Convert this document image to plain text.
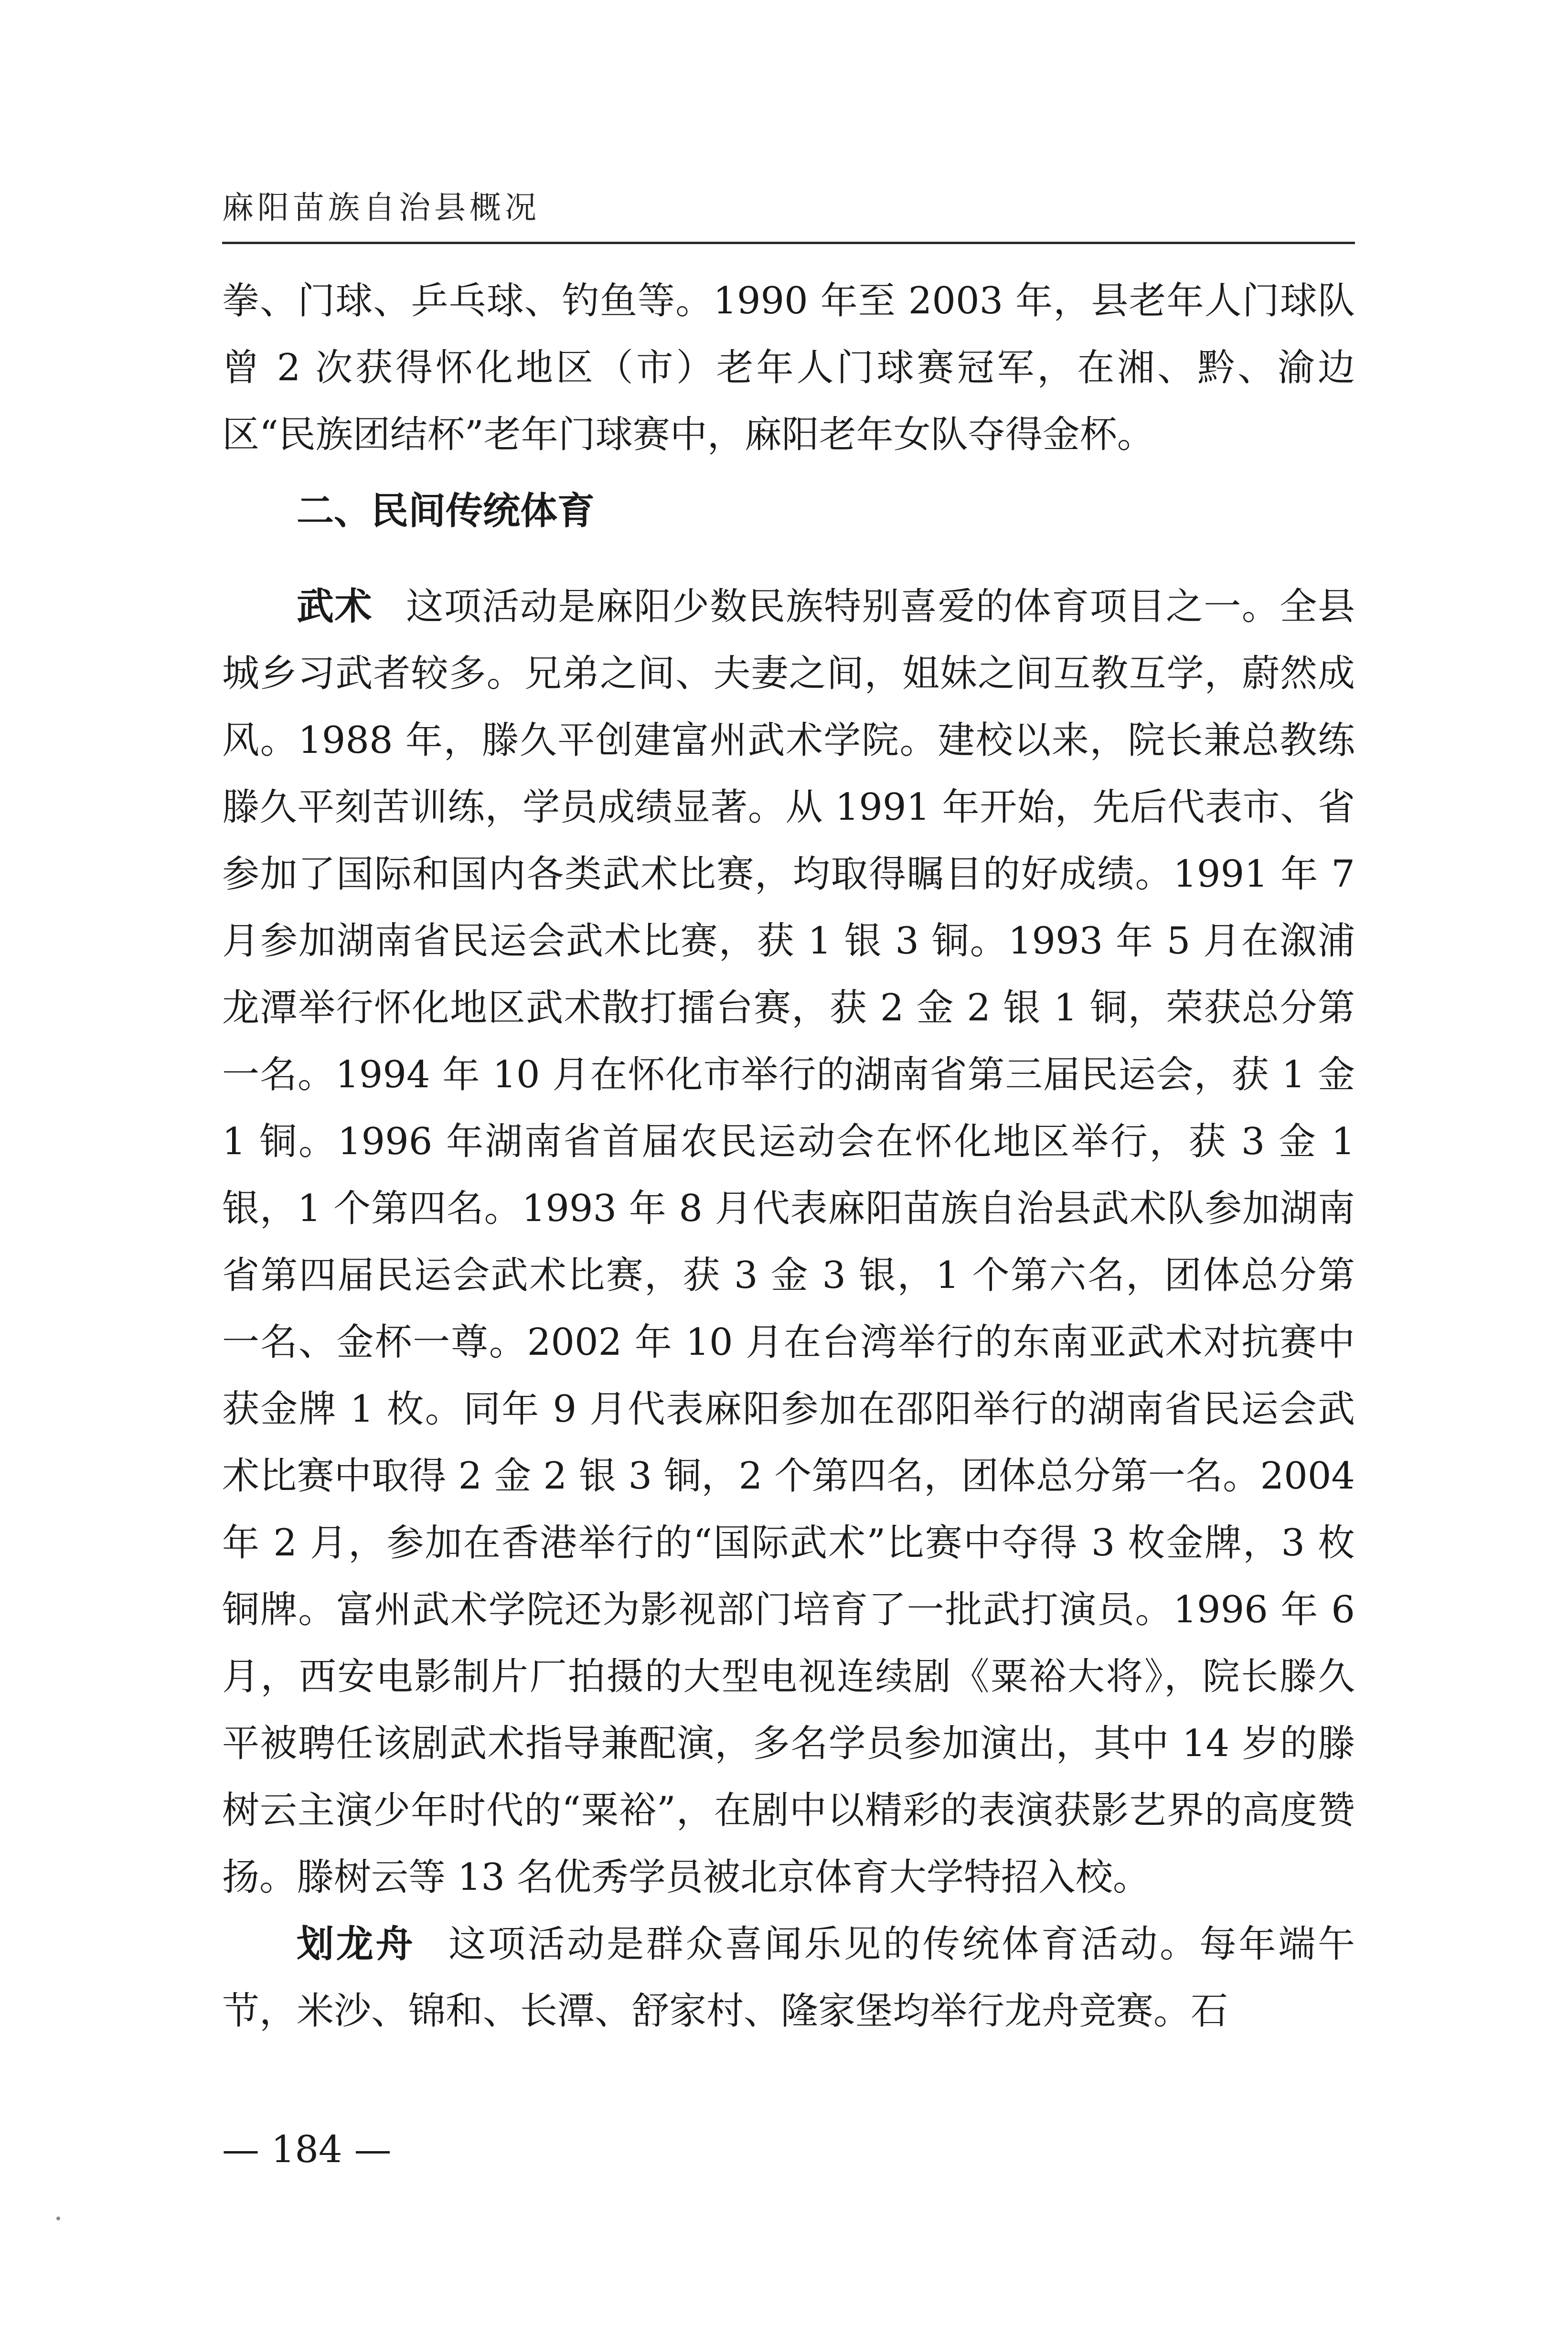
麻阳苗族自治县概况

拳、门球、乒乓球、钓鱼等。1990 年至 2003 年，县老年人门球队曾 2 次获得怀化地区（市）老年人门球赛冠军，在湘、黔、渝边区“民族团结杯”老年门球赛中，麻阳老年女队夺得金杯。

二、民间传统体育

武术 这项活动是麻阳少数民族特别喜爱的体育项目之一。全县城乡习武者较多。兄弟之间、夫妻之间，姐妹之间互教互学，蔚然成风。1988 年，滕久平创建富州武术学院。建校以来，院长兼总教练滕久平刻苦训练，学员成绩显著。从 1991 年开始，先后代表市、省参加了国际和国内各类武术比赛，均取得瞩目的好成绩。1991 年 7 月参加湖南省民运会武术比赛，获 1 银 3 铜。1993 年 5 月在溆浦龙潭举行怀化地区武术散打擂台赛，获 2 金 2 银 1 铜，荣获总分第一名。1994 年 10 月在怀化市举行的湖南省第三届民运会，获 1 金 1 铜。1996 年湖南省首届农民运动会在怀化地区举行，获 3 金 1 银，1 个第四名。1993 年 8 月代表麻阳苗族自治县武术队参加湖南省第四届民运会武术比赛，获 3 金 3 银，1 个第六名，团体总分第一名、金杯一尊。2002 年 10 月在台湾举行的东南亚武术对抗赛中获金牌 1 枚。同年 9 月代表麻阳参加在邵阳举行的湖南省民运会武术比赛中取得 2 金 2 银 3 铜，2 个第四名，团体总分第一名。2004 年 2 月，参加在香港举行的“国际武术”比赛中夺得 3 枚金牌，3 枚铜牌。富州武术学院还为影视部门培育了一批武打演员。1996 年 6 月，西安电影制片厂拍摄的大型电视连续剧《粟裕大将》，院长滕久平被聘任该剧武术指导兼配演，多名学员参加演出，其中 14 岁的滕树云主演少年时代的“粟裕”，在剧中以精彩的表演获影艺界的高度赞扬。滕树云等 13 名优秀学员被北京体育大学特招入校。

划龙舟 这项活动是群众喜闻乐见的传统体育活动。每年端午节，米沙、锦和、长潭、舒家村、隆家堡均举行龙舟竞赛。石

— 184 —
